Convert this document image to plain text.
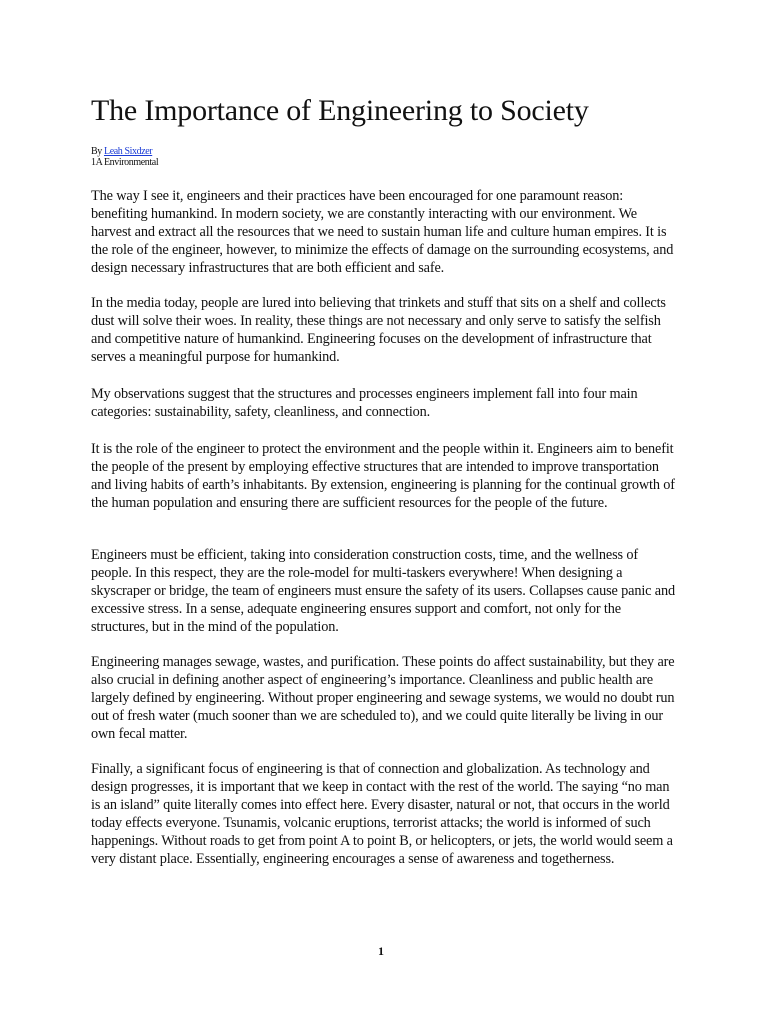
The Importance of Engineering to Society
By Leah Sixdzer
1A Environmental

The way I see it, engineers and their practices have been encouraged for one paramount reason: benefiting humankind. In modern society, we are constantly interacting with our environment. We harvest and extract all the resources that we need to sustain human life and culture human empires. It is the role of the engineer, however, to minimize the effects of damage on the surrounding ecosystems, and design necessary infrastructures that are both efficient and safe.

In the media today, people are lured into believing that trinkets and stuff that sits on a shelf and collects dust will solve their woes. In reality, these things are not necessary and only serve to satisfy the selfish and competitive nature of humankind. Engineering focuses on the development of infrastructure that serves a meaningful purpose for humankind.

My observations suggest that the structures and processes engineers implement fall into four main categories: sustainability, safety, cleanliness, and connection.

It is the role of the engineer to protect the environment and the people within it. Engineers aim to benefit the people of the present by employing effective structures that are intended to improve transportation and living habits of earth’s inhabitants. By extension, engineering is planning for the continual growth of the human population and ensuring there are sufficient resources for the people of the future.

Engineers must be efficient, taking into consideration construction costs, time, and the wellness of people. In this respect, they are the role-model for multi-taskers everywhere! When designing a skyscraper or bridge, the team of engineers must ensure the safety of its users. Collapses cause panic and excessive stress. In a sense, adequate engineering ensures support and comfort, not only for the structures, but in the mind of the population.

Engineering manages sewage, wastes, and purification. These points do affect sustainability, but they are also crucial in defining another aspect of engineering’s importance. Cleanliness and public health are largely defined by engineering. Without proper engineering and sewage systems, we would no doubt run out of fresh water (much sooner than we are scheduled to), and we could quite literally be living in our own fecal matter.

Finally, a significant focus of engineering is that of connection and globalization. As technology and design progresses, it is important that we keep in contact with the rest of the world. The saying “no man is an island” quite literally comes into effect here. Every disaster, natural or not, that occurs in the world today effects everyone. Tsunamis, volcanic eruptions, terrorist attacks; the world is informed of such happenings. Without roads to get from point A to point B, or helicopters, or jets, the world would seem a very distant place. Essentially, engineering encourages a sense of awareness and togetherness.

1
